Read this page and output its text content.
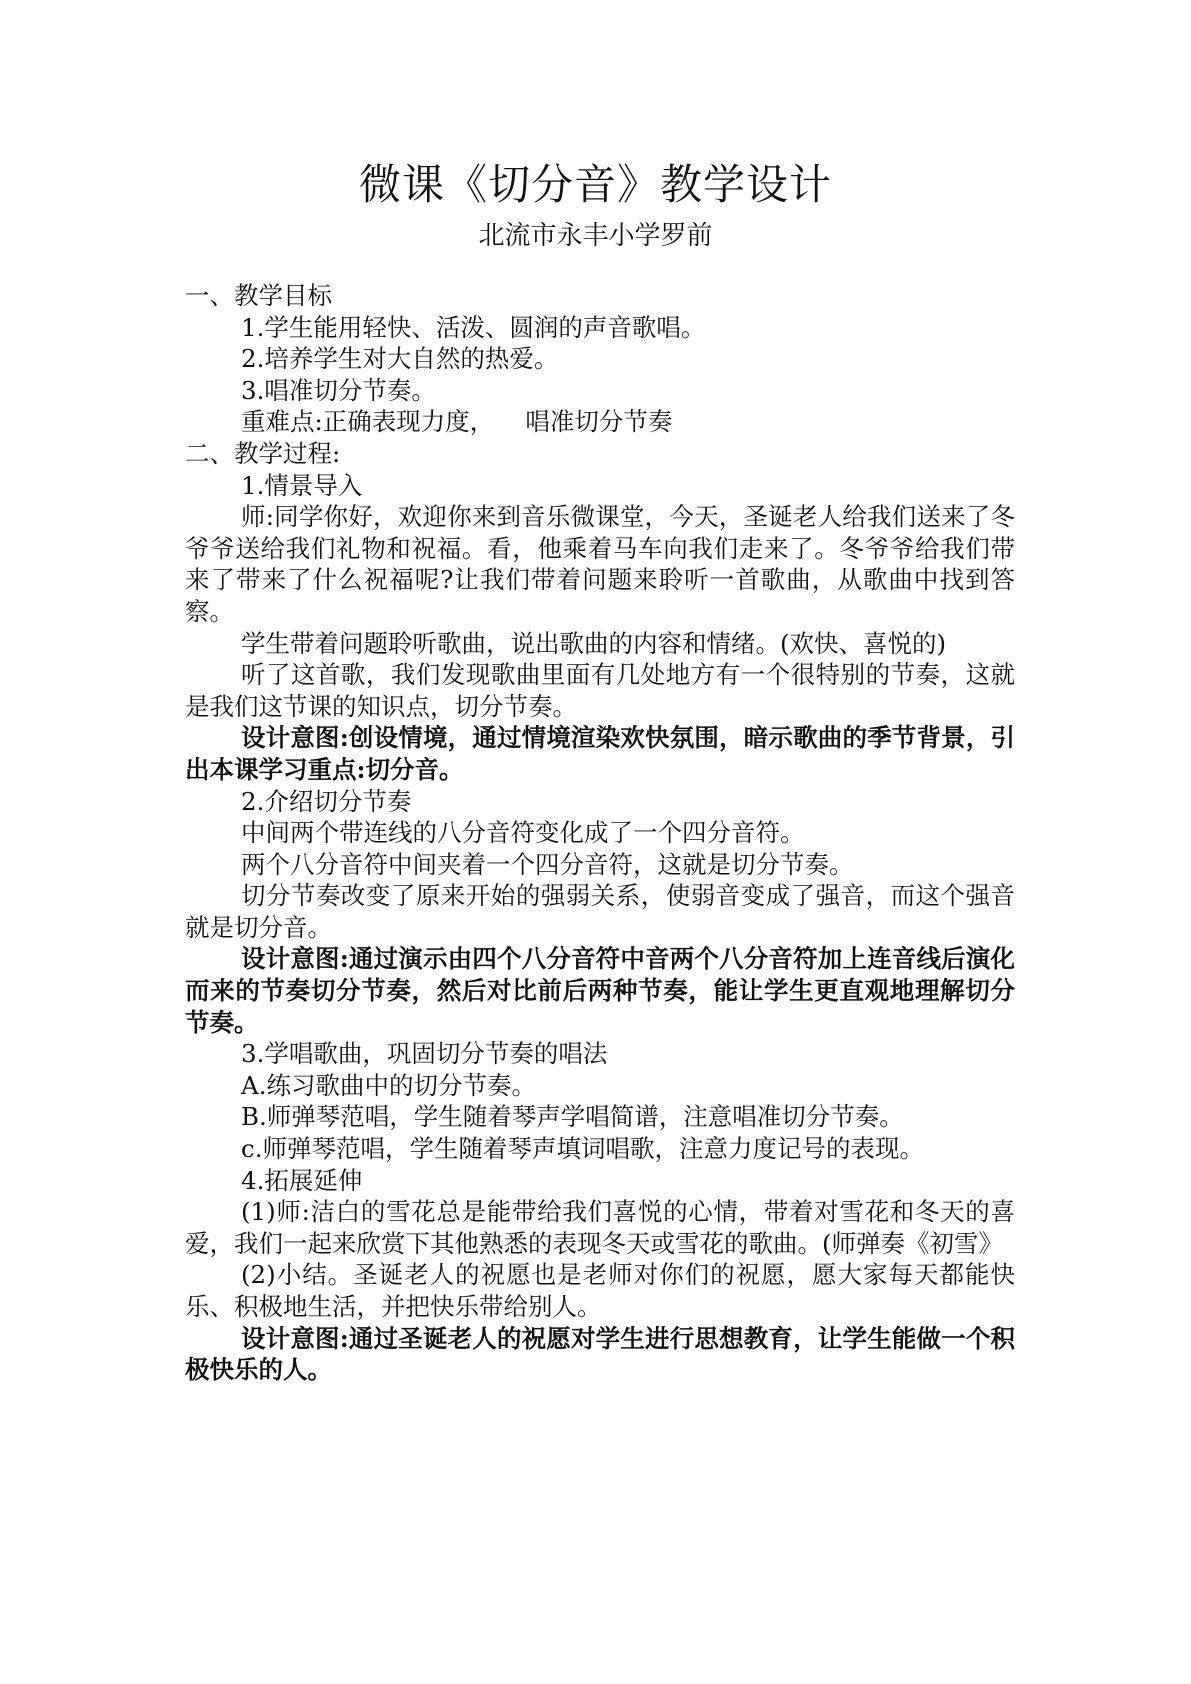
微课《切分音》教学设计
北流市永丰小学罗前

一、教学目标

1.学生能用轻快、活泼、圆润的声音歌唱。

2.培养学生对大自然的热爱。

3.唱准切分节奏。

重难点:正确表现力度，    唱准切分节奏

二、教学过程:

1.情景导入

师:同学你好，欢迎你来到音乐微课堂，今天，圣诞老人给我们送来了冬爷爷送给我们礼物和祝福。看，他乘着马车向我们走来了。冬爷爷给我们带来了带来了什么祝福呢?让我们带着问题来聆听一首歌曲，从歌曲中找到答察。

学生带着问题聆听歌曲，说出歌曲的内容和情绪。(欢快、喜悦的)

听了这首歌，我们发现歌曲里面有几处地方有一个很特别的节奏，这就是我们这节课的知识点，切分节奏。

设计意图:创设情境，通过情境渲染欢快氛围，暗示歌曲的季节背景，引出本课学习重点:切分音。

2.介绍切分节奏

中间两个带连线的八分音符变化成了一个四分音符。

两个八分音符中间夹着一个四分音符，这就是切分节奏。

切分节奏改变了原来开始的强弱关系，使弱音变成了强音，而这个强音就是切分音。

设计意图:通过演示由四个八分音符中音两个八分音符加上连音线后演化而来的节奏切分节奏，然后对比前后两种节奏，能让学生更直观地理解切分节奏。

3.学唱歌曲，巩固切分节奏的唱法

A.练习歌曲中的切分节奏。

B.师弹琴范唱，学生随着琴声学唱简谱，注意唱准切分节奏。

c.师弹琴范唱，学生随着琴声填词唱歌，注意力度记号的表现。

4.拓展延伸

(1)师:洁白的雪花总是能带给我们喜悦的心情，带着对雪花和冬天的喜爱，我们一起来欣赏下其他熟悉的表现冬天或雪花的歌曲。(师弹奏《初雪》

(2)小结。圣诞老人的祝愿也是老师对你们的祝愿，愿大家每天都能快乐、积极地生活，并把快乐带给别人。

设计意图:通过圣诞老人的祝愿对学生进行思想教育，让学生能做一个积极快乐的人。
